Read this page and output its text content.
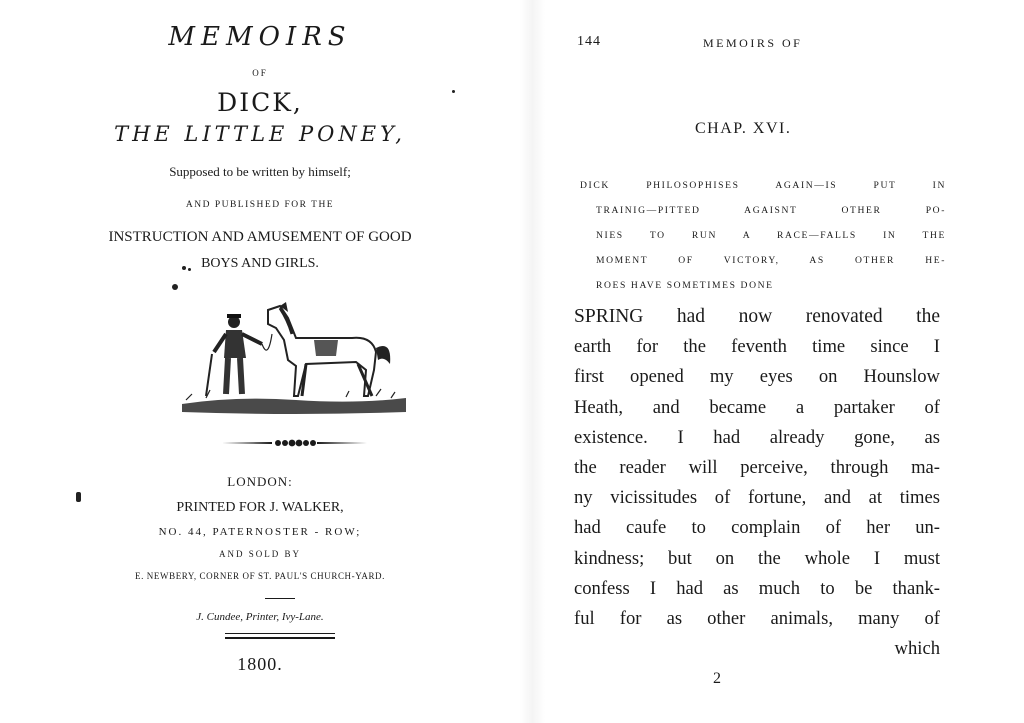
MEMOIRS
OF
DICK,
THE LITTLE PONEY,
Supposed to be written by himself;
AND PUBLISHED FOR THE
INSTRUCTION AND AMUSEMENT OF GOOD
BOYS AND GIRLS.
LONDON:
PRINTED FOR J. WALKER,
NO. 44, PATERNOSTER - ROW;
AND SOLD BY
E. NEWBERY, CORNER OF ST. PAUL'S CHURCH-YARD.
J. Cundee, Printer, Ivy-Lane.
1800.
144	MEMOIRS OF
CHAP. XVI.
DICK PHILOSOPHISES AGAIN—IS PUT IN
TRAINIG—PITTED AGAISNT OTHER PO-
NIES TO RUN A RACE—FALLS IN THE
MOMENT OF VICTORY, AS OTHER HE-
ROES HAVE SOMETIMES DONE
SPRING had now renovated the
earth for the feventh time since I
first opened my eyes on Hounslow
Heath, and became a partaker of
existence. I had already gone, as
the reader will perceive, through ma-
ny vicissitudes of fortune, and at times
had caufe to complain of her un-
kindness; but on the whole I must
confess I had as much to be thank-
ful for as other animals, many of
which
2
